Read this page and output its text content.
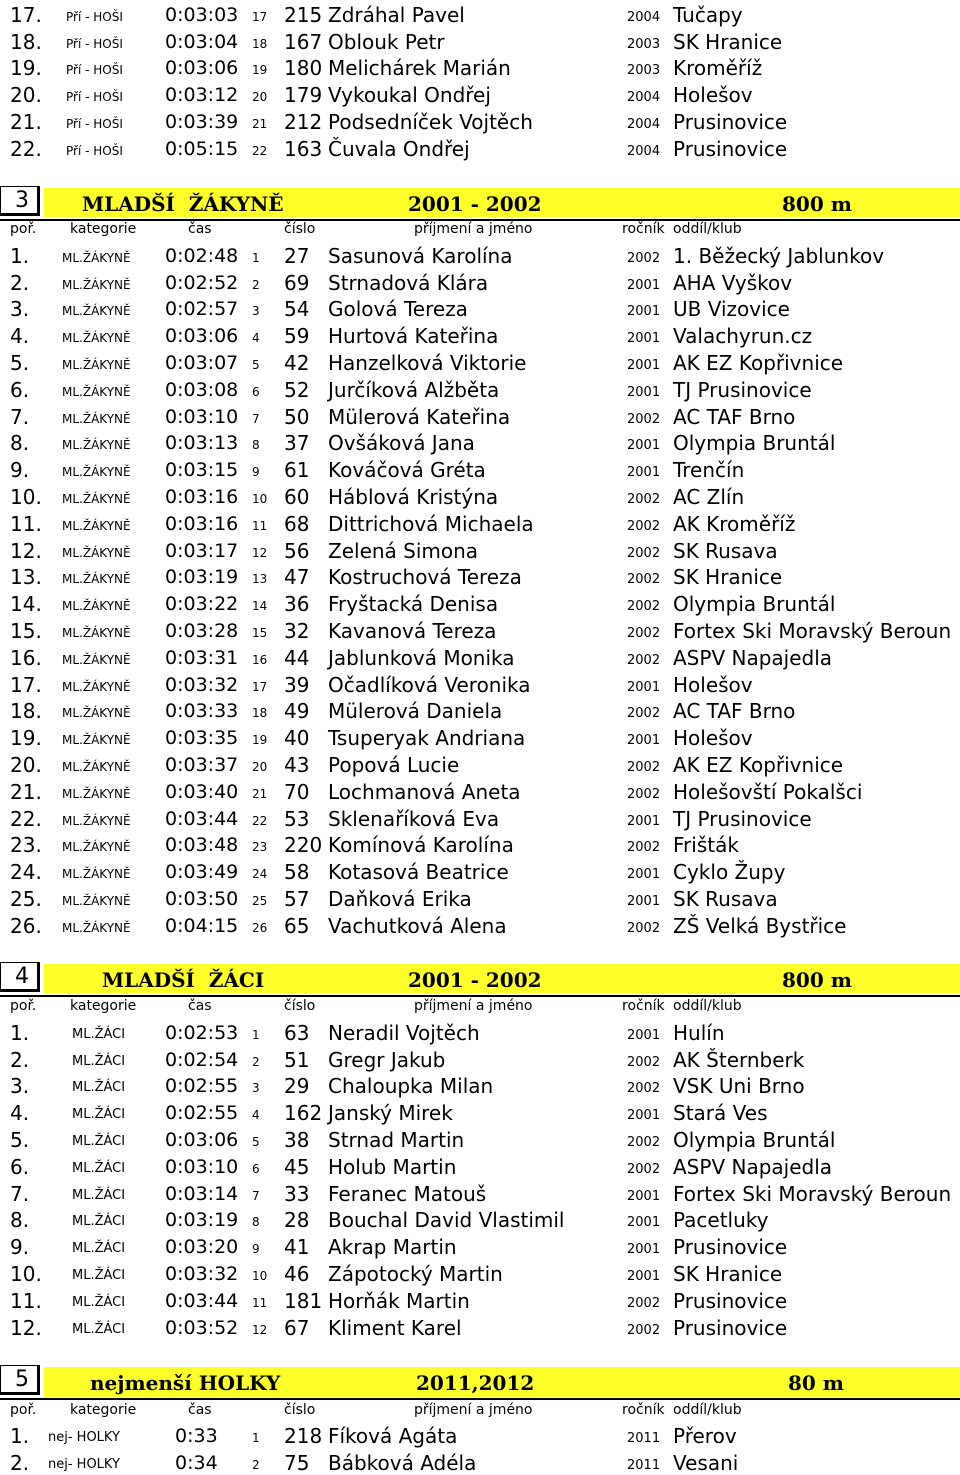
17. Pří - HOŠI 0:03:03 17 215 Zdráhal Pavel	2004 Tučapy
18. Pří - HOŠI 0:03:04 18 167 Oblouk Petr	2003 SK Hranice
19. Pří - HOŠI 0:03:06 19 180 Melichárek Marián	2003 Kroměříž
20. Pří - HOŠI 0:03:12 20 179 Vykoukal Ondřej	2004 Holešov
21. Pří - HOŠI 0:03:39 21 212 Podsedníček Vojtěch	2004 Prusinovice
22. Pří - HOŠI 0:05:15 22 163 Čuvala Ondřej	2004 Prusinovice
3	MLADŠÍ  ŽÁKYNĚ	2001 - 2002	800 m
poř. kategorie	čas	číslo	příjmení a jméno	ročník oddíl/klub
1.	ML.ŽÁKYNĚ 0:02:48 1 27 Sasunová Karolína	2002 1. Běžecký Jablunkov
2.	ML.ŽÁKYNĚ 0:02:52 2 69 Strnadová Klára	2001 AHA Vyškov
3.	ML.ŽÁKYNĚ 0:02:57 3 54 Golová Tereza	2001 UB Vizovice
4.	ML.ŽÁKYNĚ 0:03:06 4 59 Hurtová Kateřina	2001 Valachyrun.cz
5.	ML.ŽÁKYNĚ 0:03:07 5 42 Hanzelková Viktorie	2001 AK EZ Kopřivnice
6.	ML.ŽÁKYNĚ 0:03:08 6 52 Jurčíková Alžběta	2001 TJ Prusinovice
7.	ML.ŽÁKYNĚ 0:03:10 7 50 Mülerová Kateřina	2002 AC TAF Brno
8.	ML.ŽÁKYNĚ 0:03:13 8 37 Ovšáková Jana	2001 Olympia Bruntál
9.	ML.ŽÁKYNĚ 0:03:15 9 61 Kováčová Gréta	2001 Trenčín
10. ML.ŽÁKYNĚ 0:03:16 10 60 Háblová Kristýna	2002 AC Zlín
11. ML.ŽÁKYNĚ 0:03:16 11 68 Dittrichová Michaela	2002 AK Kroměříž
12. ML.ŽÁKYNĚ 0:03:17 12 56 Zelená Simona	2002 SK Rusava
13. ML.ŽÁKYNĚ 0:03:19 13 47 Kostruchová Tereza	2002 SK Hranice
14. ML.ŽÁKYNĚ 0:03:22 14 36 Fryštacká Denisa	2002 Olympia Bruntál
15. ML.ŽÁKYNĚ 0:03:28 15 32 Kavanová Tereza	2002 Fortex Ski Moravský Beroun
16. ML.ŽÁKYNĚ 0:03:31 16 44 Jablunková Monika	2002 ASPV Napajedla
17. ML.ŽÁKYNĚ 0:03:32 17 39 Očadlíková Veronika	2001 Holešov
18. ML.ŽÁKYNĚ 0:03:33 18 49 Mülerová Daniela	2002 AC TAF Brno
19. ML.ŽÁKYNĚ 0:03:35 19 40 Tsuperyak Andriana	2001 Holešov
20. ML.ŽÁKYNĚ 0:03:37 20 43 Popová Lucie	2002 AK EZ Kopřivnice
21. ML.ŽÁKYNĚ 0:03:40 21 70 Lochmanová Aneta	2002 Holešovští Pokalšci
22. ML.ŽÁKYNĚ 0:03:44 22 53 Sklenaříková Eva	2001 TJ Prusinovice
23. ML.ŽÁKYNĚ 0:03:48 23 220 Komínová Karolína	2002 Frišták
24. ML.ŽÁKYNĚ 0:03:49 24 58 Kotasová Beatrice	2001 Cyklo Župy
25. ML.ŽÁKYNĚ 0:03:50 25 57 Daňková Erika	2001 SK Rusava
26. ML.ŽÁKYNĚ 0:04:15 26 65 Vachutková Alena	2002 ZŠ Velká Bystřice
4	MLADŠÍ  ŽÁCI	2001 - 2002	800 m
poř. kategorie	čas	číslo	příjmení a jméno	ročník oddíl/klub
1.	ML.ŽÁCI 0:02:53 1 63 Neradil Vojtěch	2001 Hulín
2.	ML.ŽÁCI 0:02:54 2 51 Gregr Jakub	2002 AK Šternberk
3.	ML.ŽÁCI 0:02:55 3 29 Chaloupka Milan	2002 VSK Uni Brno
4.	ML.ŽÁCI 0:02:55 4 162 Janský Mirek	2001 Stará Ves
5.	ML.ŽÁCI 0:03:06 5 38 Strnad Martin	2002 Olympia Bruntál
6.	ML.ŽÁCI 0:03:10 6 45 Holub Martin	2002 ASPV Napajedla
7.	ML.ŽÁCI 0:03:14 7 33 Feranec Matouš	2001 Fortex Ski Moravský Beroun
8.	ML.ŽÁCI 0:03:19 8 28 Bouchal David Vlastimil	2001 Pacetluky
9.	ML.ŽÁCI 0:03:20 9 41 Akrap Martin	2001 Prusinovice
10. ML.ŽÁCI 0:03:32 10 46 Zápotocký Martin	2001 SK Hranice
11. ML.ŽÁCI 0:03:44 11 181 Horňák Martin	2002 Prusinovice
12. ML.ŽÁCI 0:03:52 12 67 Kliment Karel	2002 Prusinovice
5	nejmenší HOLKY	2011,2012	80 m
poř. kategorie	čas	číslo	příjmení a jméno	ročník oddíl/klub
1. nej- HOLKY	0:33	1 218 Fíková Agáta	2011 Přerov
2. nej- HOLKY	0:34	2 75 Bábková Adéla	2011 Vesani
